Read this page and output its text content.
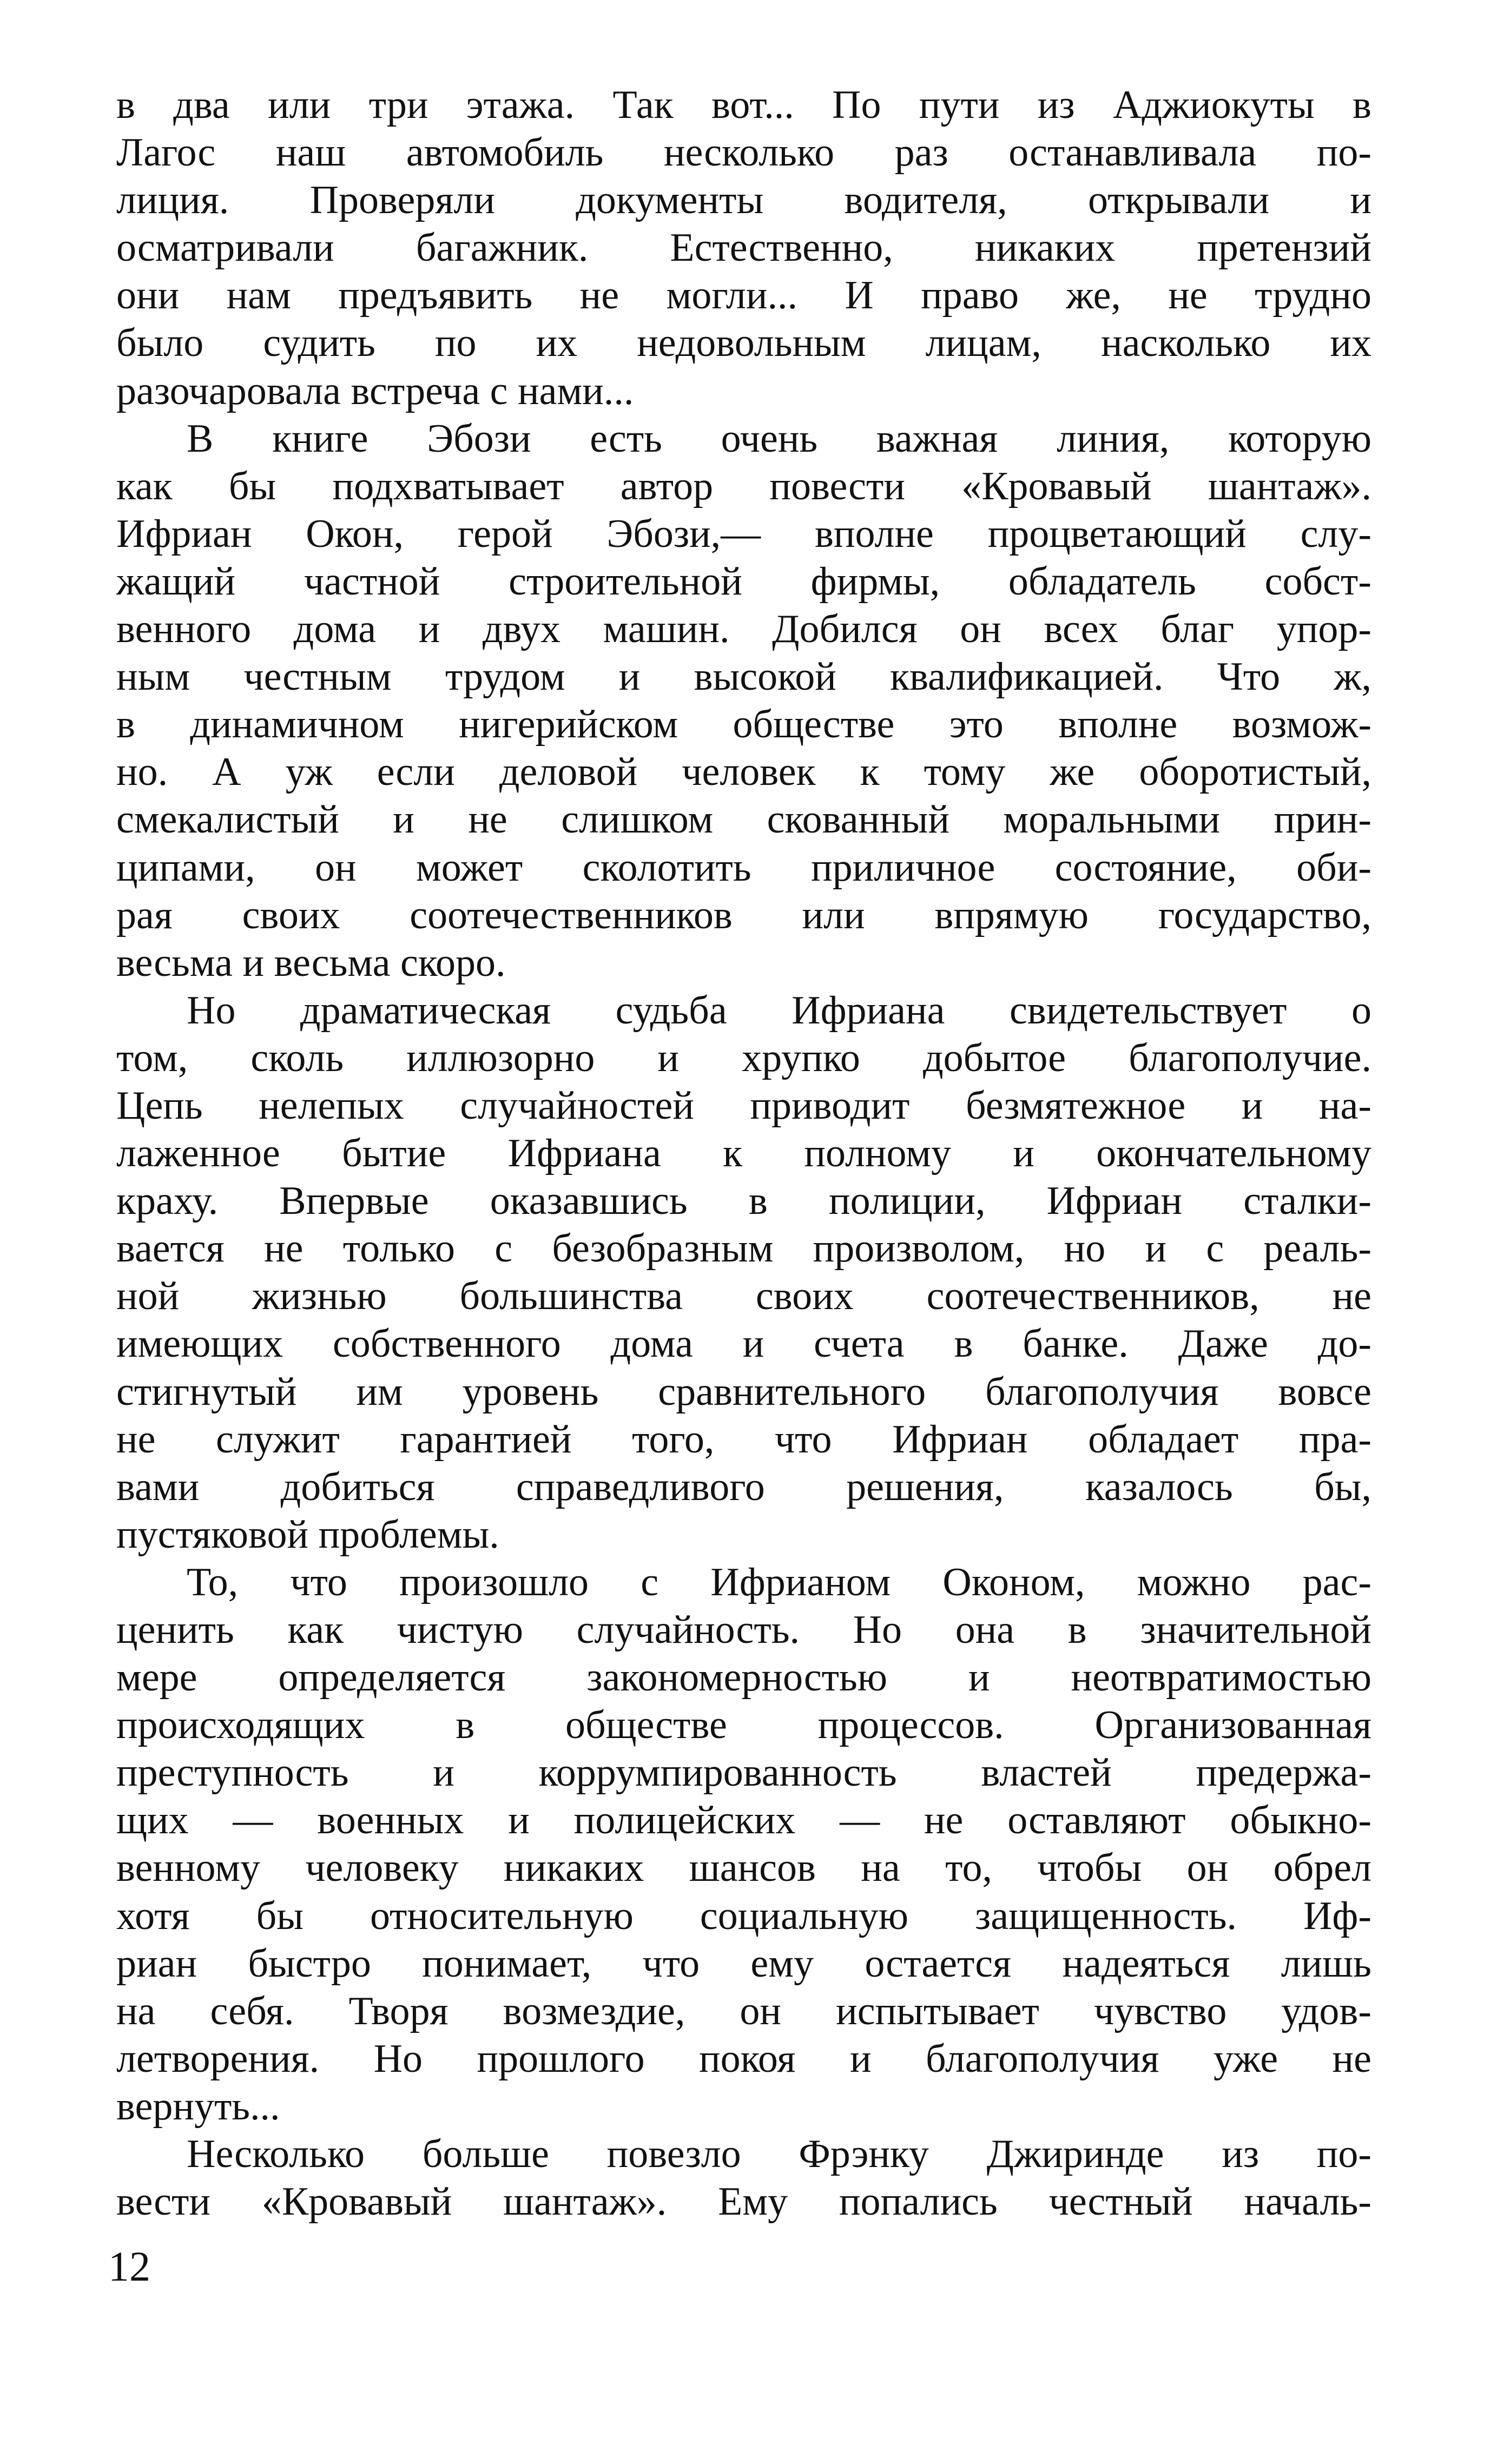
в два или три этажа. Так вот... По пути из Аджиокуты в
Лагос наш автомобиль несколько раз останавливала по-
лиция. Проверяли документы водителя, открывали и
осматривали багажник. Естественно, никаких претензий
они нам предъявить не могли... И право же, не трудно
было судить по их недовольным лицам, насколько их
разочаровала встреча с нами...
В книге Эбози есть очень важная линия, которую
как бы подхватывает автор повести «Кровавый шантаж».
Ифриан Окон, герой Эбози,— вполне процветающий слу-
жащий частной строительной фирмы, обладатель собст-
венного дома и двух машин. Добился он всех благ упор-
ным честным трудом и высокой квалификацией. Что ж,
в динамичном нигерийском обществе это вполне возмож-
но. А уж если деловой человек к тому же оборотистый,
смекалистый и не слишком скованный моральными прин-
ципами, он может сколотить приличное состояние, оби-
рая своих соотечественников или впрямую государство,
весьма и весьма скоро.
Но драматическая судьба Ифриана свидетельствует о
том, сколь иллюзорно и хрупко добытое благополучие.
Цепь нелепых случайностей приводит безмятежное и на-
лаженное бытие Ифриана к полному и окончательному
краху. Впервые оказавшись в полиции, Ифриан сталки-
вается не только с безобразным произволом, но и с реаль-
ной жизнью большинства своих соотечественников, не
имеющих собственного дома и счета в банке. Даже до-
стигнутый им уровень сравнительного благополучия вовсе
не служит гарантией того, что Ифриан обладает пра-
вами добиться справедливого решения, казалось бы,
пустяковой проблемы.
То, что произошло с Ифрианом Оконом, можно рас-
ценить как чистую случайность. Но она в значительной
мере определяется закономерностью и неотвратимостью
происходящих в обществе процессов. Организованная
преступность и коррумпированность властей предержа-
щих — военных и полицейских — не оставляют обыкно-
венному человеку никаких шансов на то, чтобы он обрел
хотя бы относительную социальную защищенность. Иф-
риан быстро понимает, что ему остается надеяться лишь
на себя. Творя возмездие, он испытывает чувство удов-
летворения. Но прошлого покоя и благополучия уже не
вернуть...
Несколько больше повезло Фрэнку Джиринде из по-
вести «Кровавый шантаж». Ему попались честный началь-
12
